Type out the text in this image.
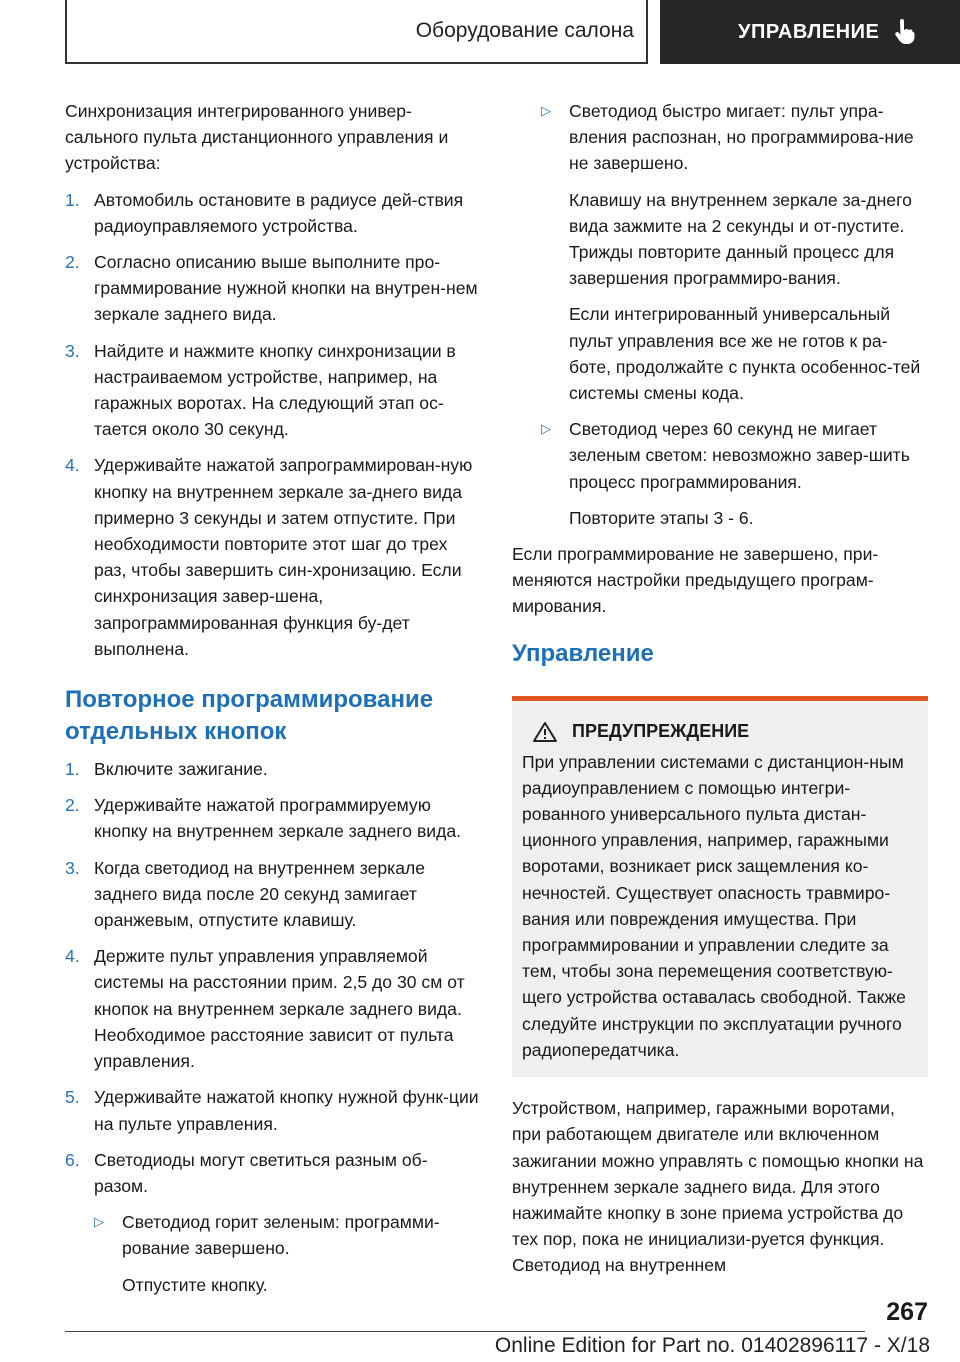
Оборудование салона	УПРАВЛЕНИЕ

Синхронизация интегрированного универ-сального пульта дистанционного управления и устройства:

1. Автомобиль остановите в радиусе дей-ствия радиоуправляемого устройства.
2. Согласно описанию выше выполните про-граммирование нужной кнопки на внутрен-нем зеркале заднего вида.
3. Найдите и нажмите кнопку синхронизации в настраиваемом устройстве, например, на гаражных воротах. На следующий этап ос-тается около 30 секунд.
4. Удерживайте нажатой запрограммирован-ную кнопку на внутреннем зеркале за-днего вида примерно 3 секунды и затем отпустите. При необходимости повторите этот шаг до трех раз, чтобы завершить син-хронизацию. Если синхронизация завер-шена, запрограммированная функция бу-дет выполнена.
Повторное программирование отдельных кнопок
1. Включите зажигание.
2. Удерживайте нажатой программируемую кнопку на внутреннем зеркале заднего вида.
3. Когда светодиод на внутреннем зеркале заднего вида после 20 секунд замигает оранжевым, отпустите клавишу.
4. Держите пульт управления управляемой системы на расстоянии прим. 2,5 до 30 см от кнопок на внутреннем зеркале заднего вида. Необходимое расстояние зависит от пульта управления.
5. Удерживайте нажатой кнопку нужной функ-ции на пульте управления.
6. Светодиоды могут светиться разным об-разом.
▷ Светодиод горит зеленым: программи-рование завершено.
Отпустите кнопку.
▷ Светодиод быстро мигает: пульт упра-вления распознан, но программирова-ние не завершено.
Клавишу на внутреннем зеркале за-днего вида зажмите на 2 секунды и от-пустите. Трижды повторите данный процесс для завершения программиро-вания.
Если интегрированный универсальный пульт управления все же не готов к ра-боте, продолжайте с пункта особеннос-тей системы смены кода.
▷ Светодиод через 60 секунд не мигает зеленым светом: невозможно завер-шить процесс программирования.
Повторите этапы 3 - 6.

Если программирование не завершено, при-меняются настройки предыдущего програм-мирования.

Управление
ПРЕДУПРЕЖДЕНИЕ
При управлении системами с дистанцион-ным радиоуправлением с помощью интегри-рованного универсального пульта дистан-ционного управления, например, гаражными воротами, возникает риск защемления ко-нечностей. Существует опасность травмиро-вания или повреждения имущества. При программировании и управлении следите за тем, чтобы зона перемещения соответствую-щего устройства оставалась свободной. Также следуйте инструкции по эксплуатации ручного радиопередатчика.

Устройством, например, гаражными воротами, при работающем двигателе или включенном зажигании можно управлять с помощью кнопки на внутреннем зеркале заднего вида. Для этого нажимайте кнопку в зоне приема устройства до тех пор, пока не инициализи-руется функция. Светодиод на внутреннем

267
Online Edition for Part no. 01402896117 - X/18
